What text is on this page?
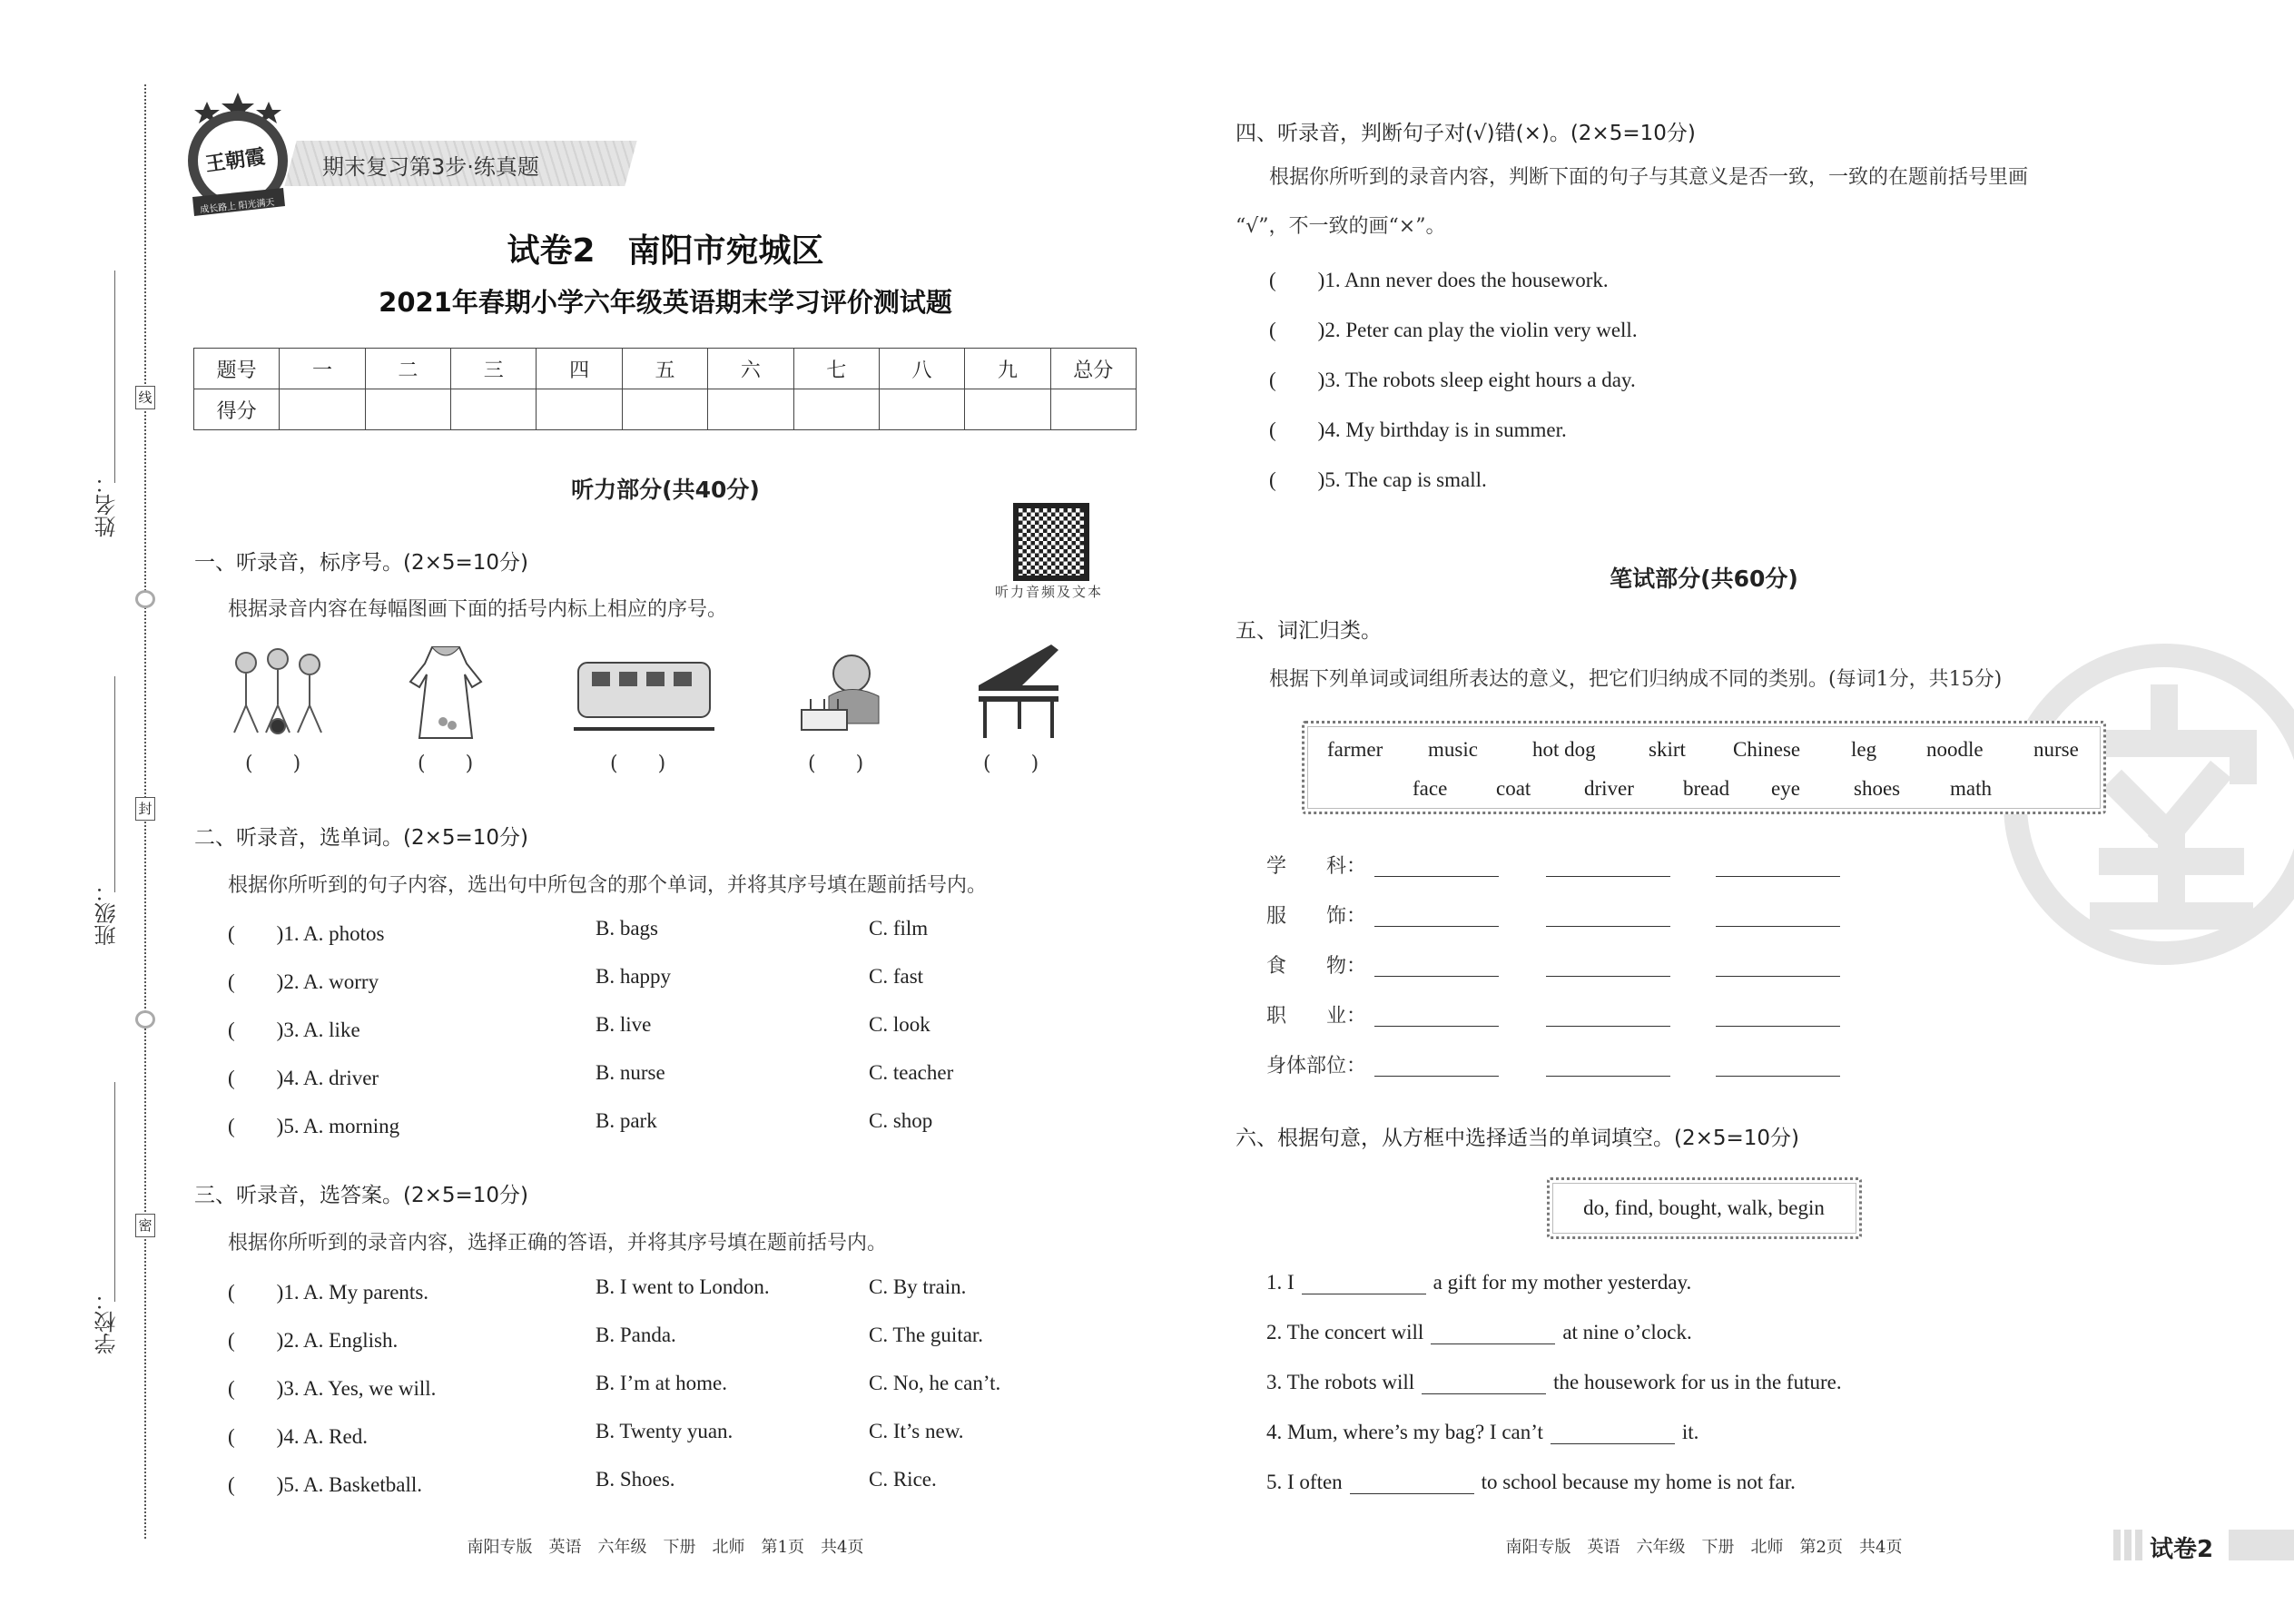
线
封
密
姓名：
班级：
学校：
期末复习第3步·练真题
王朝霞
成长路上 阳光满天
试卷2　南阳市宛城区
2021年春期小学六年级英语期末学习评价测试题
题号	一	二	三	四	五	六	七	八	九	总分
得分										
听力部分(共40分)
听力音频及文本
一、听录音，标序号。(2×5=10分)
根据录音内容在每幅图画下面的括号内标上相应的序号。
(　　)	(　　)	(　　)	(　　)	(　　)
二、听录音，选单词。(2×5=10分)
根据你所听到的句子内容，选出句中所包含的那个单词，并将其序号填在题前括号内。
(　　)1. A. photos	B. bags	C. film
(　　)2. A. worry	B. happy	C. fast
(　　)3. A. like	B. live	C. look
(　　)4. A. driver	B. nurse	C. teacher
(　　)5. A. morning	B. park	C. shop
三、听录音，选答案。(2×5=10分)
根据你所听到的录音内容，选择正确的答语，并将其序号填在题前括号内。
(　　)1. A. My parents.	B. I went to London.	C. By train.
(　　)2. A. English.	B. Panda.	C. The guitar.
(　　)3. A. Yes, we will.	B. I’m at home.	C. No, he can’t.
(　　)4. A. Red.	B. Twenty yuan.	C. It’s new.
(　　)5. A. Basketball.	B. Shoes.	C. Rice.
南阳专版　英语　六年级　下册　北师　第1页　共4页
四、听录音，判断句子对(√)错(×)。(2×5=10分)
根据你所听到的录音内容，判断下面的句子与其意义是否一致，一致的在题前括号里画
“√”，不一致的画“×”。
(　　)1. Ann never does the housework.
(　　)2. Peter can play the violin very well.
(　　)3. The robots sleep eight hours a day.
(　　)4. My birthday is in summer.
(　　)5. The cap is small.
笔试部分(共60分)
五、词汇归类。
根据下列单词或词组所表达的意义，把它们归纳成不同的类别。(每词1分，共15分)
farmer music	hot dog	skirt Chinese leg noodle nurse
face coat	driver bread eye	shoes math
学　　科：
服　　饰：
食　　物：
职　　业：
身体部位：
六、根据句意，从方框中选择适当的单词填空。(2×5=10分)
do, find, bought, walk, begin
1. I	a gift for my mother yesterday.
2. The concert will	at nine o’clock.
3. The robots will	the housework for us in the future.
4. Mum, where’s my bag? I can’t	it.
5. I often	to school because my home is not far.
南阳专版　英语　六年级　下册　北师　第2页　共4页	试卷2
